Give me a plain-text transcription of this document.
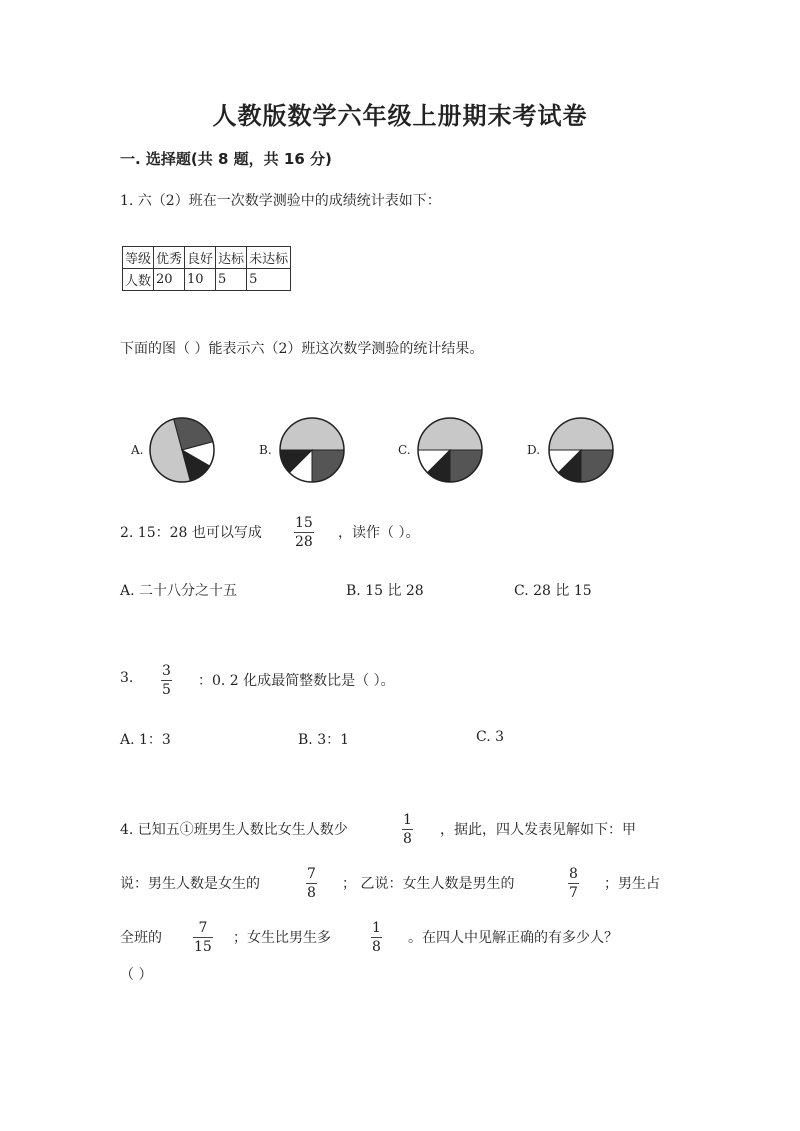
人教版数学六年级上册期末考试卷
一. 选择题(共 8 题，共 16 分)
1. 六（2）班在一次数学测验中的成绩统计表如下：
等级	优秀	良好	达标	未达标
人数	20	10	5	5
下面的图（ ）能表示六（2）班这次数学测验的统计结果。
A.	B.	C.	D.
2. 15：28 也可以写成
15
28
，读作（ ）。
A. 二十八分之十五	B. 15 比 28	C. 28 比 15
3. 3
5
：0. 2 化成最简整数比是（ ）。
A. 1：3	B. 3：1	C. 3
4. 已知五①班男生人数比女生人数少
1
8
，据此，四人发表见解如下：甲
说：男生人数是女生的
7
8
； 乙说：女生人数是男生的
8
7
；男生占
全班的
7
15
；女生比男生多
1
8
。在四人中见解正确的有多少人？
（ ）
